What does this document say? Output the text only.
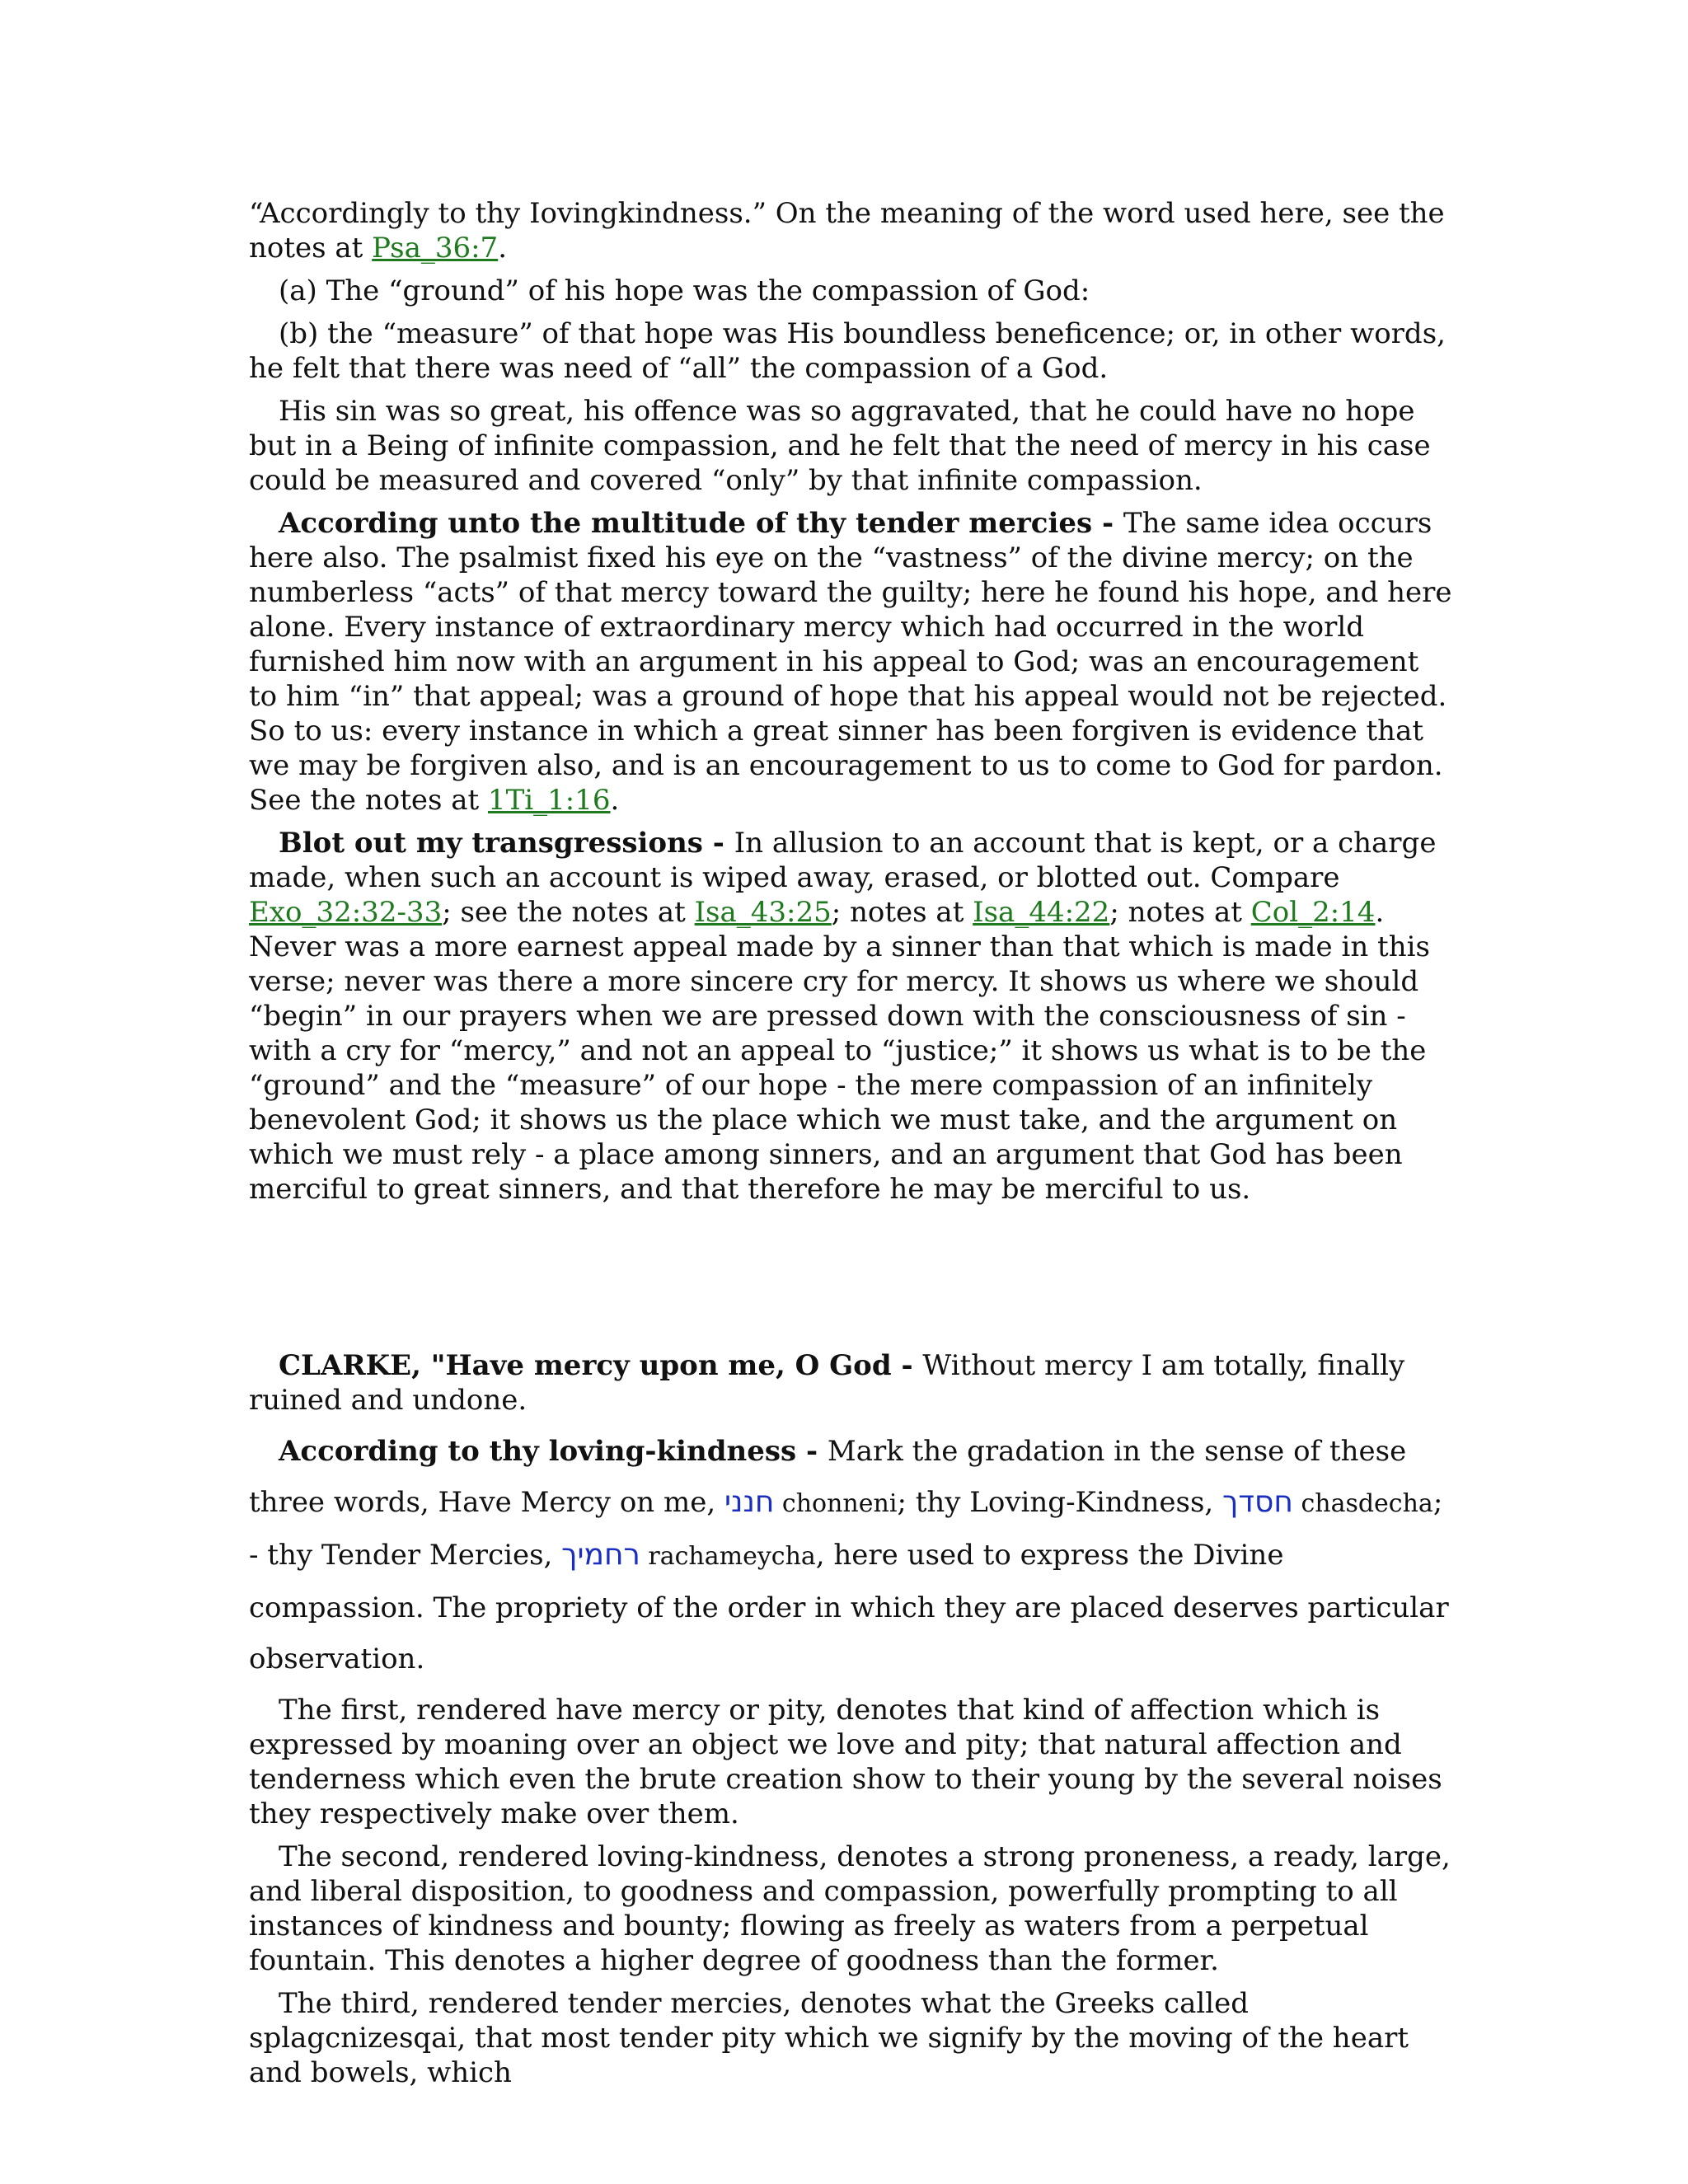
“Accordingly to thy Iovingkindness.” On the meaning of the word used here, see the notes at Psa_36:7.

(a) The “ground” of his hope was the compassion of God:

(b) the “measure” of that hope was His boundless beneficence; or, in other words, he felt that there was need of “all” the compassion of a God.

His sin was so great, his offence was so aggravated, that he could have no hope but in a Being of infinite compassion, and he felt that the need of mercy in his case could be measured and covered “only” by that infinite compassion.

According unto the multitude of thy tender mercies - The same idea occurs here also. The psalmist fixed his eye on the “vastness” of the divine mercy; on the numberless “acts” of that mercy toward the guilty; here he found his hope, and here alone. Every instance of extraordinary mercy which had occurred in the world furnished him now with an argument in his appeal to God; was an encouragement to him “in” that appeal; was a ground of hope that his appeal would not be rejected. So to us: every instance in which a great sinner has been forgiven is evidence that we may be forgiven also, and is an encouragement to us to come to God for pardon. See the notes at 1Ti_1:16.

Blot out my transgressions - In allusion to an account that is kept, or a charge made, when such an account is wiped away, erased, or blotted out. Compare Exo_32:32-33; see the notes at Isa_43:25; notes at Isa_44:22; notes at Col_2:14. Never was a more earnest appeal made by a sinner than that which is made in this verse; never was there a more sincere cry for mercy. It shows us where we should “begin” in our prayers when we are pressed down with the consciousness of sin - with a cry for “mercy,” and not an appeal to “justice;” it shows us what is to be the “ground” and the “measure” of our hope - the mere compassion of an infinitely benevolent God; it shows us the place which we must take, and the argument on which we must rely - a place among sinners, and an argument that God has been merciful to great sinners, and that therefore he may be merciful to us.

CLARKE, "Have mercy upon me, O God - Without mercy I am totally, finally ruined and undone.

According to thy loving-kindness - Mark the gradation in the sense of these three words, Have Mercy on me, חנני chonneni; thy Loving-Kindness, חסדך chasdecha; - thy Tender Mercies, רחמיך rachameycha, here used to express the Divine compassion. The propriety of the order in which they are placed deserves particular observation.

The first, rendered have mercy or pity, denotes that kind of affection which is expressed by moaning over an object we love and pity; that natural affection and tenderness which even the brute creation show to their young by the several noises they respectively make over them.

The second, rendered loving-kindness, denotes a strong proneness, a ready, large, and liberal disposition, to goodness and compassion, powerfully prompting to all instances of kindness and bounty; flowing as freely as waters from a perpetual fountain. This denotes a higher degree of goodness than the former.

The third, rendered tender mercies, denotes what the Greeks called splagcnizesqai, that most tender pity which we signify by the moving of the heart and bowels, which
